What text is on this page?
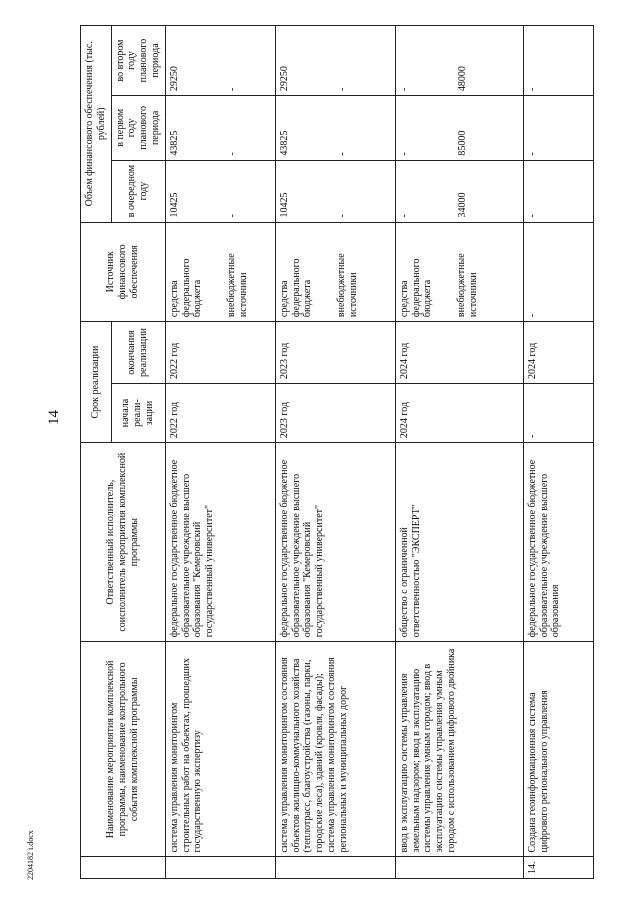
14
2204182 i.docx
	Наименование мероприятия комплексной программы, наименование контрольного события комплексной программы	Ответственный исполнитель, соисполнитель мероприятия комплексной программы	Срок реализации		Источник финансового обеспечения	Объем финансового обеспечения (тыс. рублей)		
			начала реали- зации	окончания реализации		в очередном году	в первом году планового периода	во втором году планового периода

	система управления мониторингом строительных работ на объектах, прошедших государственную экспертизу	федеральное государственное бюджетное образовательное учреждение высшего образования "Кемеровский государственный университет"	2022 год	2022 год	средства федерального бюджета внебюджетные источники	10425 -	43825 -	29250 -

	система управления мониторингом состояния объектов жилищно-коммунального хозяйства (теплотрасс, благоустройства (газоны, парки, городские леса), зданий (кровля, фасады); система управления мониторингом состояния региональных и муниципальных дорог	федеральное государственное бюджетное образовательное учреждение высшего образования "Кемеровский государственный университет"	2023 год	2023 год	средства федерального бюджета внебюджетные источники	10425 -	43825 -	29250 -

	ввод в эксплуатацию системы управления земельным надзором; ввод в эксплуатацию системы управления умным городом; ввод в эксплуатацию системы управления умным городом с использованием цифрового двойника	общество с ограниченной ответственностью "ЭКСПЕРТ"	2024 год	2024 год	средства федерального бюджета внебюджетные источники	- 34000	- 85000	- 48000

14.	Создана геоинформационная система цифрового регионального управления	федеральное государственное бюджетное образовательное учреждение высшего образования	-	2024 год	-	-	-	-
